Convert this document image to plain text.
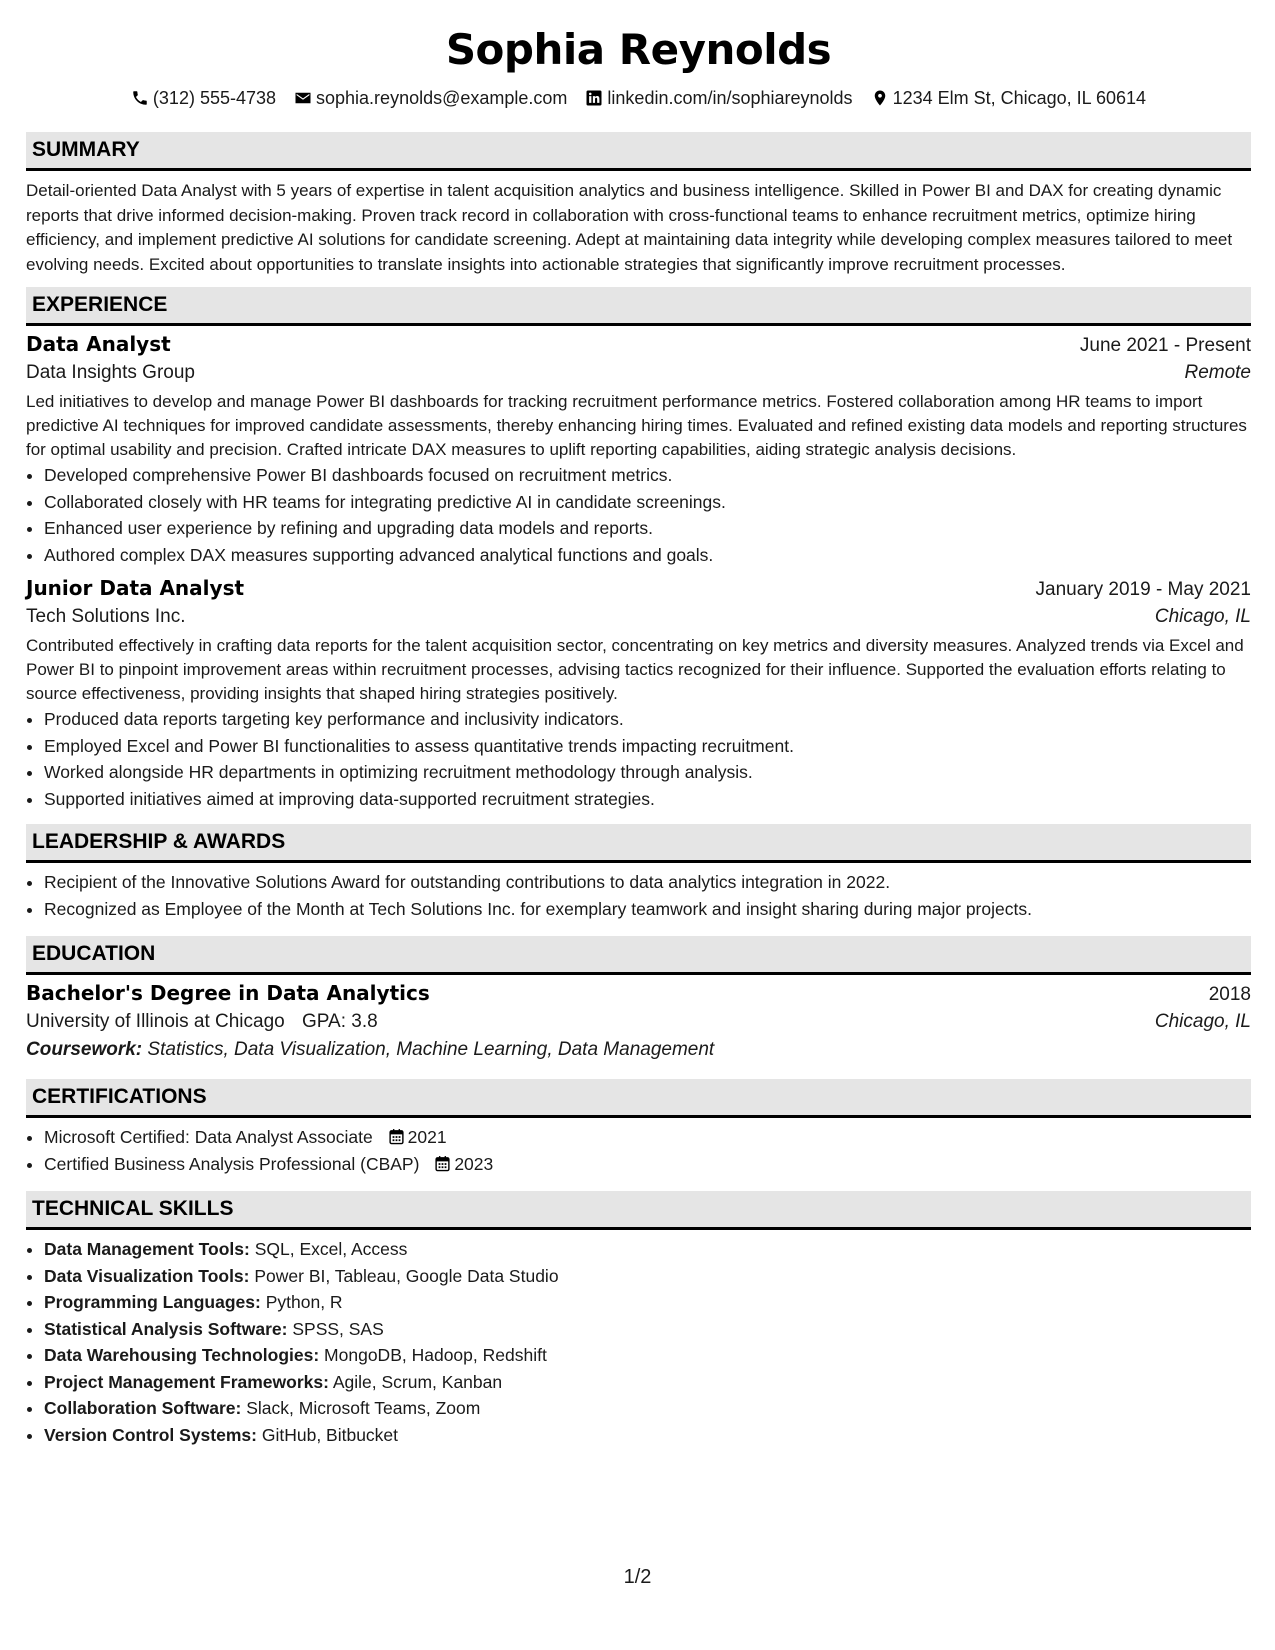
Sophia Reynolds
(312) 555-4738 sophia.reynolds@example.com linkedin.com/in/sophiareynolds 1234 Elm St, Chicago, IL 60614
SUMMARY
Detail-oriented Data Analyst with 5 years of expertise in talent acquisition analytics and business intelligence. Skilled in Power BI and DAX for creating dynamic reports that drive informed decision-making. Proven track record in collaboration with cross-functional teams to enhance recruitment metrics, optimize hiring efficiency, and implement predictive AI solutions for candidate screening. Adept at maintaining data integrity while developing complex measures tailored to meet evolving needs. Excited about opportunities to translate insights into actionable strategies that significantly improve recruitment processes.
EXPERIENCE
Data Analyst	June 2021 - Present
Data Insights Group	Remote
Led initiatives to develop and manage Power BI dashboards for tracking recruitment performance metrics. Fostered collaboration among HR teams to import predictive AI techniques for improved candidate assessments, thereby enhancing hiring times. Evaluated and refined existing data models and reporting structures for optimal usability and precision. Crafted intricate DAX measures to uplift reporting capabilities, aiding strategic analysis decisions.
• Developed comprehensive Power BI dashboards focused on recruitment metrics.
• Collaborated closely with HR teams for integrating predictive AI in candidate screenings.
• Enhanced user experience by refining and upgrading data models and reports.
• Authored complex DAX measures supporting advanced analytical functions and goals.
Junior Data Analyst	January 2019 - May 2021
Tech Solutions Inc.	Chicago, IL
Contributed effectively in crafting data reports for the talent acquisition sector, concentrating on key metrics and diversity measures. Analyzed trends via Excel and Power BI to pinpoint improvement areas within recruitment processes, advising tactics recognized for their influence. Supported the evaluation efforts relating to source effectiveness, providing insights that shaped hiring strategies positively.
• Produced data reports targeting key performance and inclusivity indicators.
• Employed Excel and Power BI functionalities to assess quantitative trends impacting recruitment.
• Worked alongside HR departments in optimizing recruitment methodology through analysis.
• Supported initiatives aimed at improving data-supported recruitment strategies.
LEADERSHIP & AWARDS
• Recipient of the Innovative Solutions Award for outstanding contributions to data analytics integration in 2022.
• Recognized as Employee of the Month at Tech Solutions Inc. for exemplary teamwork and insight sharing during major projects.
EDUCATION
Bachelor's Degree in Data Analytics	2018
University of Illinois at Chicago GPA: 3.8	Chicago, IL
Coursework: Statistics, Data Visualization, Machine Learning, Data Management
CERTIFICATIONS
• Microsoft Certified: Data Analyst Associate 2021
• Certified Business Analysis Professional (CBAP) 2023
TECHNICAL SKILLS
• Data Management Tools: SQL, Excel, Access
• Data Visualization Tools: Power BI, Tableau, Google Data Studio
• Programming Languages: Python, R
• Statistical Analysis Software: SPSS, SAS
• Data Warehousing Technologies: MongoDB, Hadoop, Redshift
• Project Management Frameworks: Agile, Scrum, Kanban
• Collaboration Software: Slack, Microsoft Teams, Zoom
• Version Control Systems: GitHub, Bitbucket
1/2
